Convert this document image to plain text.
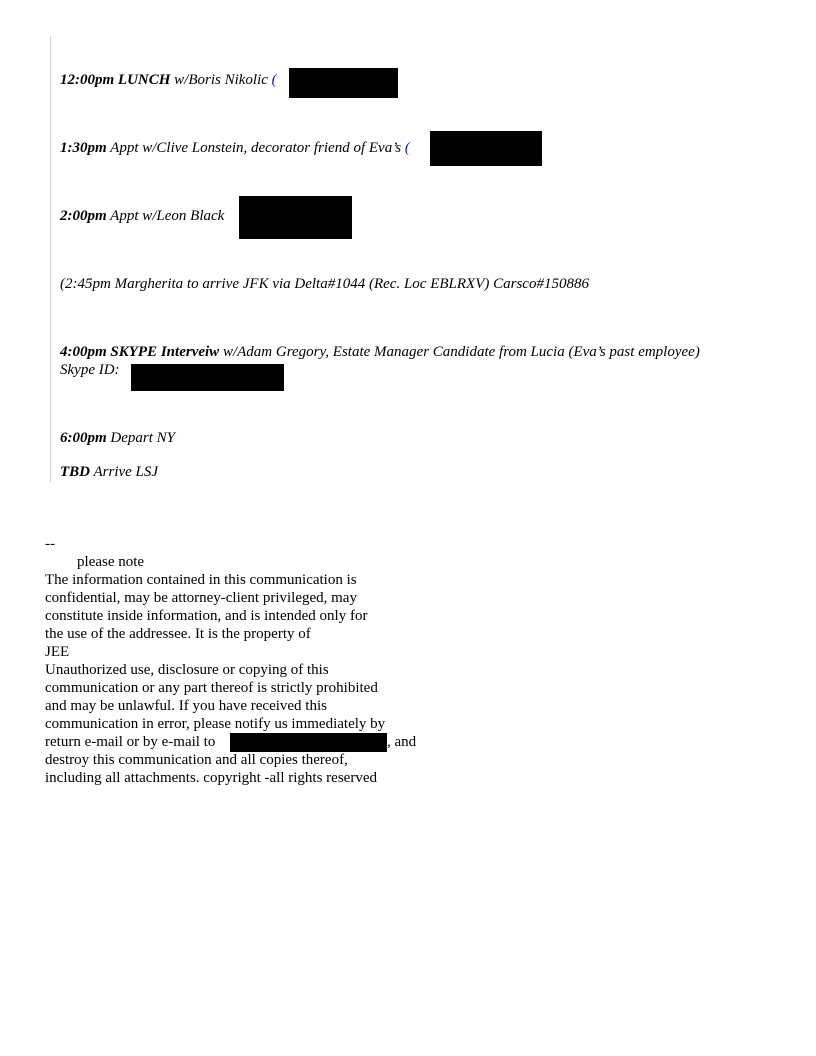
12:00pm LUNCH w/Boris Nikolic (
1:30pm Appt w/Clive Lonstein, decorator friend of Eva’s (
2:00pm Appt w/Leon Black
(2:45pm Margherita to arrive JFK via Delta#1044 (Rec. Loc EBLRXV) Carsco#150886
4:00pm SKYPE Interveiw w/Adam Gregory, Estate Manager Candidate from Lucia (Eva’s past employee)
Skype ID:
6:00pm Depart NY
TBD Arrive LSJ
--
please note
The information contained in this communication is
confidential, may be attorney-client privileged, may
constitute inside information, and is intended only for
the use of the addressee. It is the property of
JEE
Unauthorized use, disclosure or copying of this
communication or any part thereof is strictly prohibited
and may be unlawful. If you have received this
communication in error, please notify us immediately by
return e-mail or by e-mail to	, and
destroy this communication and all copies thereof,
including all attachments. copyright -all rights reserved
